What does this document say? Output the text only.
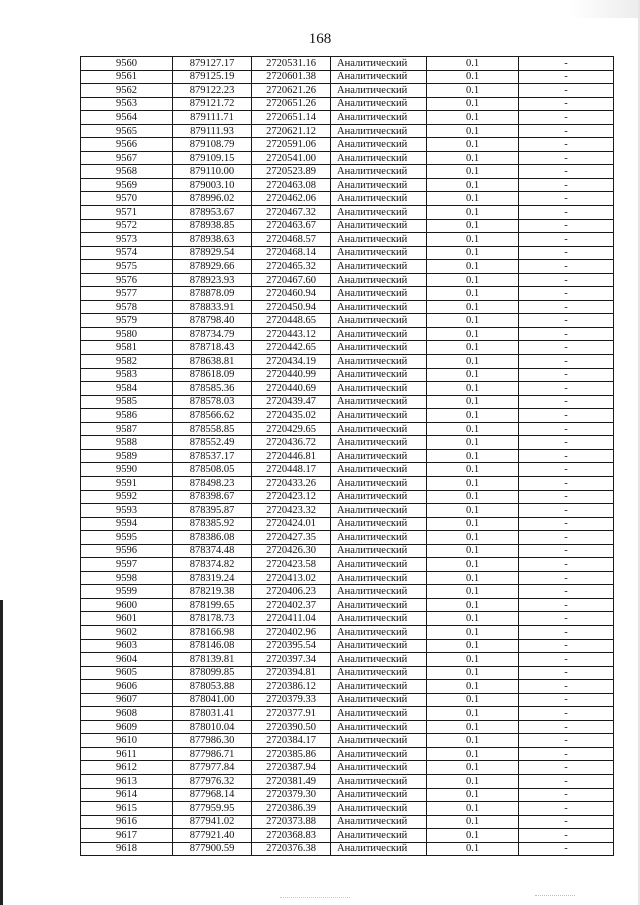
168
9560	879127.17	2720531.16	Аналитический	0.1	-
9561	879125.19	2720601.38	Аналитический	0.1	-
9562	879122.23	2720621.26	Аналитический	0.1	-
9563	879121.72	2720651.26	Аналитический	0.1	-
9564	879111.71	2720651.14	Аналитический	0.1	-
9565	879111.93	2720621.12	Аналитический	0.1	-
9566	879108.79	2720591.06	Аналитический	0.1	-
9567	879109.15	2720541.00	Аналитический	0.1	-
9568	879110.00	2720523.89	Аналитический	0.1	-
9569	879003.10	2720463.08	Аналитический	0.1	-
9570	878996.02	2720462.06	Аналитический	0.1	-
9571	878953.67	2720467.32	Аналитический	0.1	-
9572	878938.85	2720463.67	Аналитический	0.1	-
9573	878938.63	2720468.57	Аналитический	0.1	-
9574	878929.54	2720468.14	Аналитический	0.1	-
9575	878929.66	2720465.32	Аналитический	0.1	-
9576	878923.93	2720467.60	Аналитический	0.1	-
9577	878878.09	2720460.94	Аналитический	0.1	-
9578	878833.91	2720450.94	Аналитический	0.1	-
9579	878798.40	2720448.65	Аналитический	0.1	-
9580	878734.79	2720443.12	Аналитический	0.1	-
9581	878718.43	2720442.65	Аналитический	0.1	-
9582	878638.81	2720434.19	Аналитический	0.1	-
9583	878618.09	2720440.99	Аналитический	0.1	-
9584	878585.36	2720440.69	Аналитический	0.1	-
9585	878578.03	2720439.47	Аналитический	0.1	-
9586	878566.62	2720435.02	Аналитический	0.1	-
9587	878558.85	2720429.65	Аналитический	0.1	-
9588	878552.49	2720436.72	Аналитический	0.1	-
9589	878537.17	2720446.81	Аналитический	0.1	-
9590	878508.05	2720448.17	Аналитический	0.1	-
9591	878498.23	2720433.26	Аналитический	0.1	-
9592	878398.67	2720423.12	Аналитический	0.1	-
9593	878395.87	2720423.32	Аналитический	0.1	-
9594	878385.92	2720424.01	Аналитический	0.1	-
9595	878386.08	2720427.35	Аналитический	0.1	-
9596	878374.48	2720426.30	Аналитический	0.1	-
9597	878374.82	2720423.58	Аналитический	0.1	-
9598	878319.24	2720413.02	Аналитический	0.1	-
9599	878219.38	2720406.23	Аналитический	0.1	-
9600	878199.65	2720402.37	Аналитический	0.1	-
9601	878178.73	2720411.04	Аналитический	0.1	-
9602	878166.98	2720402.96	Аналитический	0.1	-
9603	878146.08	2720395.54	Аналитический	0.1	-
9604	878139.81	2720397.34	Аналитический	0.1	-
9605	878099.85	2720394.81	Аналитический	0.1	-
9606	878053.88	2720386.12	Аналитический	0.1	-
9607	878041.00	2720379.33	Аналитический	0.1	-
9608	878031.41	2720377.91	Аналитический	0.1	-
9609	878010.04	2720390.50	Аналитический	0.1	-
9610	877986.30	2720384.17	Аналитический	0.1	-
9611	877986.71	2720385.86	Аналитический	0.1	-
9612	877977.84	2720387.94	Аналитический	0.1	-
9613	877976.32	2720381.49	Аналитический	0.1	-
9614	877968.14	2720379.30	Аналитический	0.1	-
9615	877959.95	2720386.39	Аналитический	0.1	-
9616	877941.02	2720373.88	Аналитический	0.1	-
9617	877921.40	2720368.83	Аналитический	0.1	-
9618	877900.59	2720376.38	Аналитический	0.1	-
